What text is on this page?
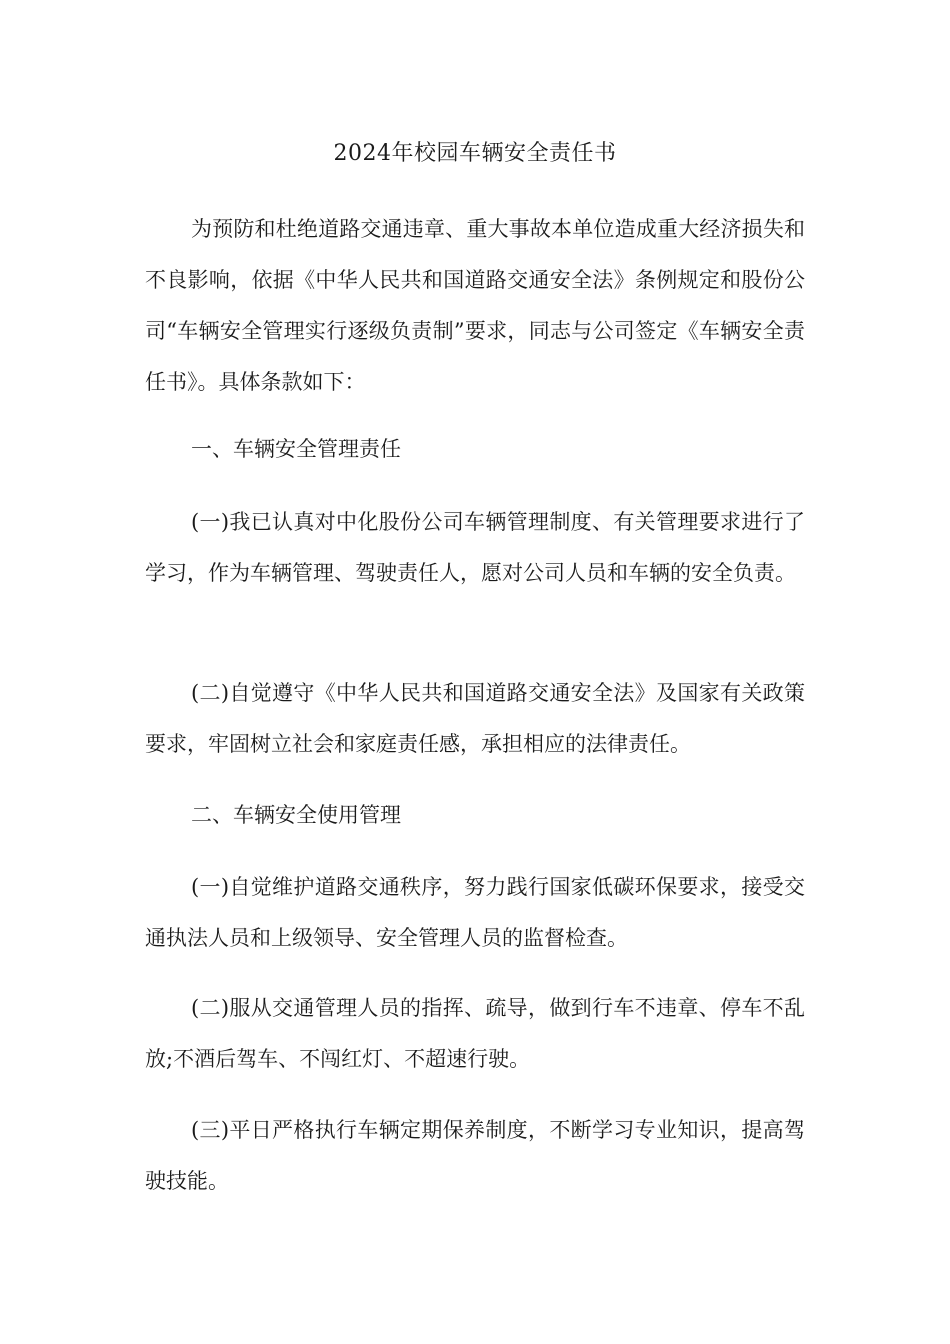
2024年校园车辆安全责任书

为预防和杜绝道路交通违章、重大事故本单位造成重大经济损失和不良影响，依据《中华人民共和国道路交通安全法》条例规定和股份公司“车辆安全管理实行逐级负责制”要求，同志与公司签定《车辆安全责任书》。具体条款如下：

一、车辆安全管理责任

(一)我已认真对中化股份公司车辆管理制度、有关管理要求进行了学习，作为车辆管理、驾驶责任人，愿对公司人员和车辆的安全负责。

(二)自觉遵守《中华人民共和国道路交通安全法》及国家有关政策要求，牢固树立社会和家庭责任感，承担相应的法律责任。

二、车辆安全使用管理

(一)自觉维护道路交通秩序，努力践行国家低碳环保要求，接受交通执法人员和上级领导、安全管理人员的监督检查。

(二)服从交通管理人员的指挥、疏导，做到行车不违章、停车不乱放;不酒后驾车、不闯红灯、不超速行驶。

(三)平日严格执行车辆定期保养制度，不断学习专业知识，提高驾驶技能。
